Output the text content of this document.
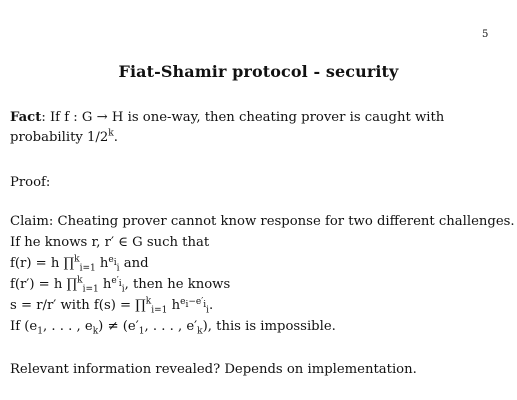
5
Fiat-Shamir protocol - security
Fact: If f : G → H is one-way, then cheating prover is caught with probability 1/2$^k$.
Proof:
Claim: Cheating prover cannot know response for two different challenges.
If he knows r, r′ ∈ G such that
f(r) = h ∏$^k_{i=1}$ $h^{e_i}_i$ and
f(r′) = h ∏$^k_{i=1}$ $h^{e'_i}_i$, then he knows
s = r/r′ with f(s) = ∏$^k_{i=1}$ $h^{e_i-e'_i}_i$.
If ($e_1$, . . . , $e_k) \ne (e'_1$, . . . , $e'_k$), this is impossible.
Relevant information revealed? Depends on implementation.
